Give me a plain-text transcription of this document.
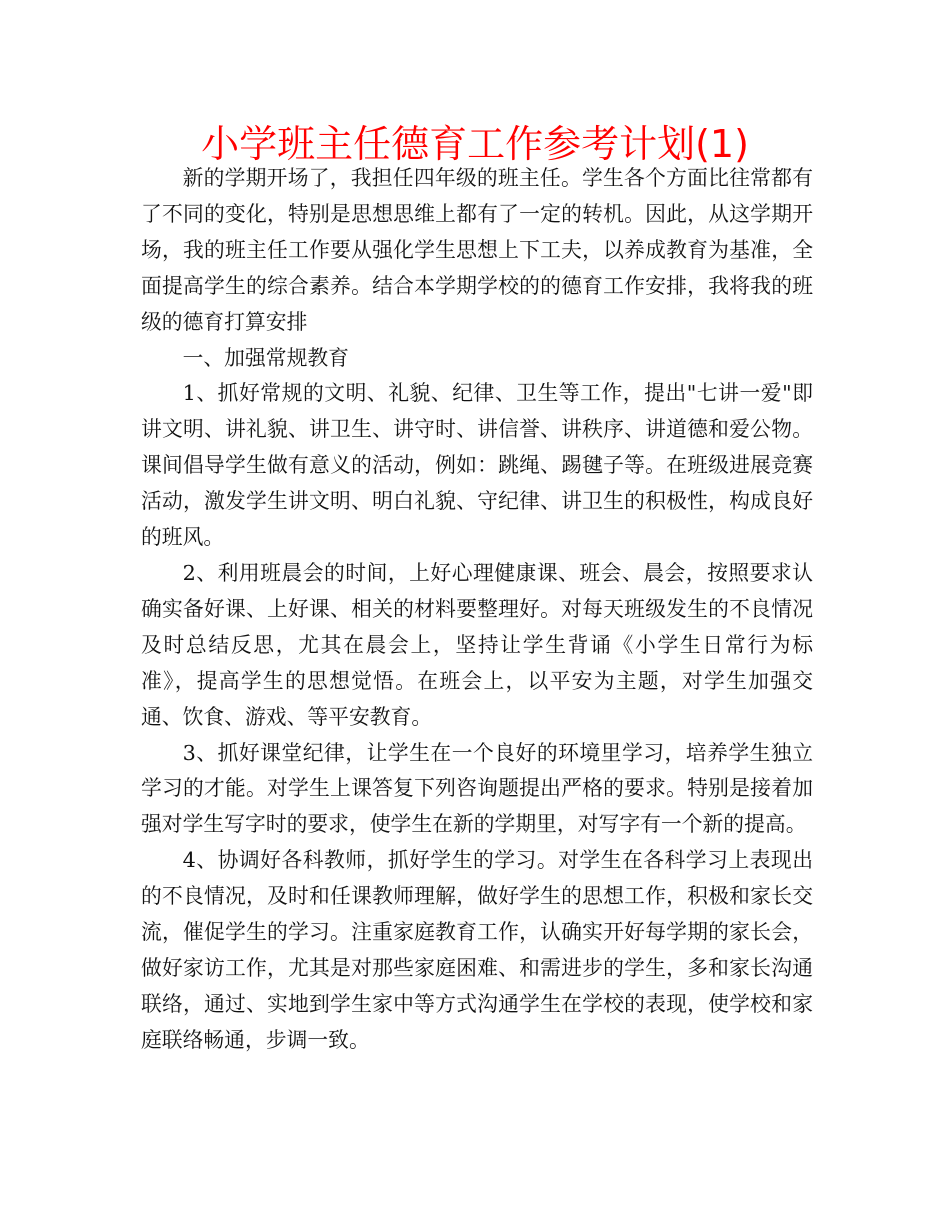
小学班主任德育工作参考计划(1)

新的学期开场了，我担任四年级的班主任。学生各个方面比往常都有了不同的变化，特别是思想思维上都有了一定的转机。因此，从这学期开场，我的班主任工作要从强化学生思想上下工夫，以养成教育为基准，全面提高学生的综合素养。结合本学期学校的的德育工作安排，我将我的班级的德育打算安排

一、加强常规教育

1、抓好常规的文明、礼貌、纪律、卫生等工作，提出"七讲一爱"即讲文明、讲礼貌、讲卫生、讲守时、讲信誉、讲秩序、讲道德和爱公物。课间倡导学生做有意义的活动，例如：跳绳、踢毽子等。在班级进展竞赛活动，激发学生讲文明、明白礼貌、守纪律、讲卫生的积极性，构成良好的班风。

2、利用班晨会的时间，上好心理健康课、班会、晨会，按照要求认确实备好课、上好课、相关的材料要整理好。对每天班级发生的不良情况及时总结反思，尤其在晨会上，坚持让学生背诵《小学生日常行为标准》，提高学生的思想觉悟。在班会上，以平安为主题，对学生加强交通、饮食、游戏、等平安教育。

3、抓好课堂纪律，让学生在一个良好的环境里学习，培养学生独立学习的才能。对学生上课答复下列咨询题提出严格的要求。特别是接着加强对学生写字时的要求，使学生在新的学期里，对写字有一个新的提高。

4、协调好各科教师，抓好学生的学习。对学生在各科学习上表现出的不良情况，及时和任课教师理解，做好学生的思想工作，积极和家长交流，催促学生的学习。注重家庭教育工作，认确实开好每学期的家长会，做好家访工作，尤其是对那些家庭困难、和需进步的学生，多和家长沟通联络，通过、实地到学生家中等方式沟通学生在学校的表现，使学校和家庭联络畅通，步调一致。
